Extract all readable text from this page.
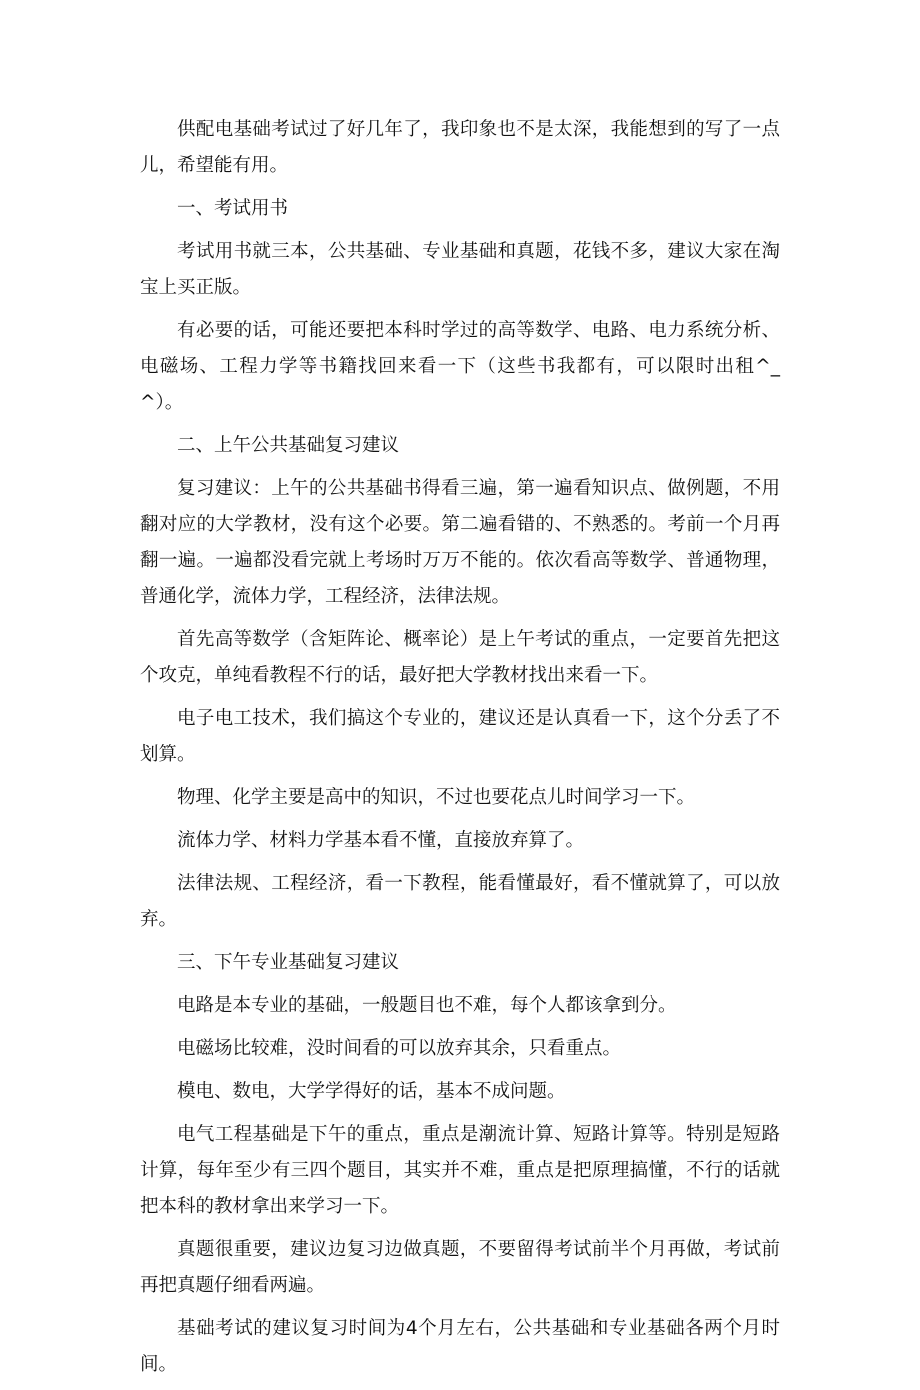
供配电基础考试过了好几年了，我印象也不是太深，我能想到的写了一点儿，希望能有用。

一、考试用书

考试用书就三本，公共基础、专业基础和真题，花钱不多，建议大家在淘宝上买正版。

有必要的话，可能还要把本科时学过的高等数学、电路、电力系统分析、电磁场、工程力学等书籍找回来看一下（这些书我都有，可以限时出租^_^）。

二、上午公共基础复习建议

复习建议：上午的公共基础书得看三遍，第一遍看知识点、做例题，不用翻对应的大学教材，没有这个必要。第二遍看错的、不熟悉的。考前一个月再翻一遍。一遍都没看完就上考场时万万不能的。依次看高等数学、普通物理，普通化学，流体力学，工程经济，法律法规。

首先高等数学（含矩阵论、概率论）是上午考试的重点，一定要首先把这个攻克，单纯看教程不行的话，最好把大学教材找出来看一下。

电子电工技术，我们搞这个专业的，建议还是认真看一下，这个分丢了不划算。

物理、化学主要是高中的知识，不过也要花点儿时间学习一下。

流体力学、材料力学基本看不懂，直接放弃算了。

法律法规、工程经济，看一下教程，能看懂最好，看不懂就算了，可以放弃。

三、下午专业基础复习建议

电路是本专业的基础，一般题目也不难，每个人都该拿到分。

电磁场比较难，没时间看的可以放弃其余，只看重点。

模电、数电，大学学得好的话，基本不成问题。

电气工程基础是下午的重点，重点是潮流计算、短路计算等。特别是短路计算，每年至少有三四个题目，其实并不难，重点是把原理搞懂，不行的话就把本科的教材拿出来学习一下。

真题很重要，建议边复习边做真题，不要留得考试前半个月再做，考试前再把真题仔细看两遍。

基础考试的建议复习时间为4个月左右，公共基础和专业基础各两个月时间。
